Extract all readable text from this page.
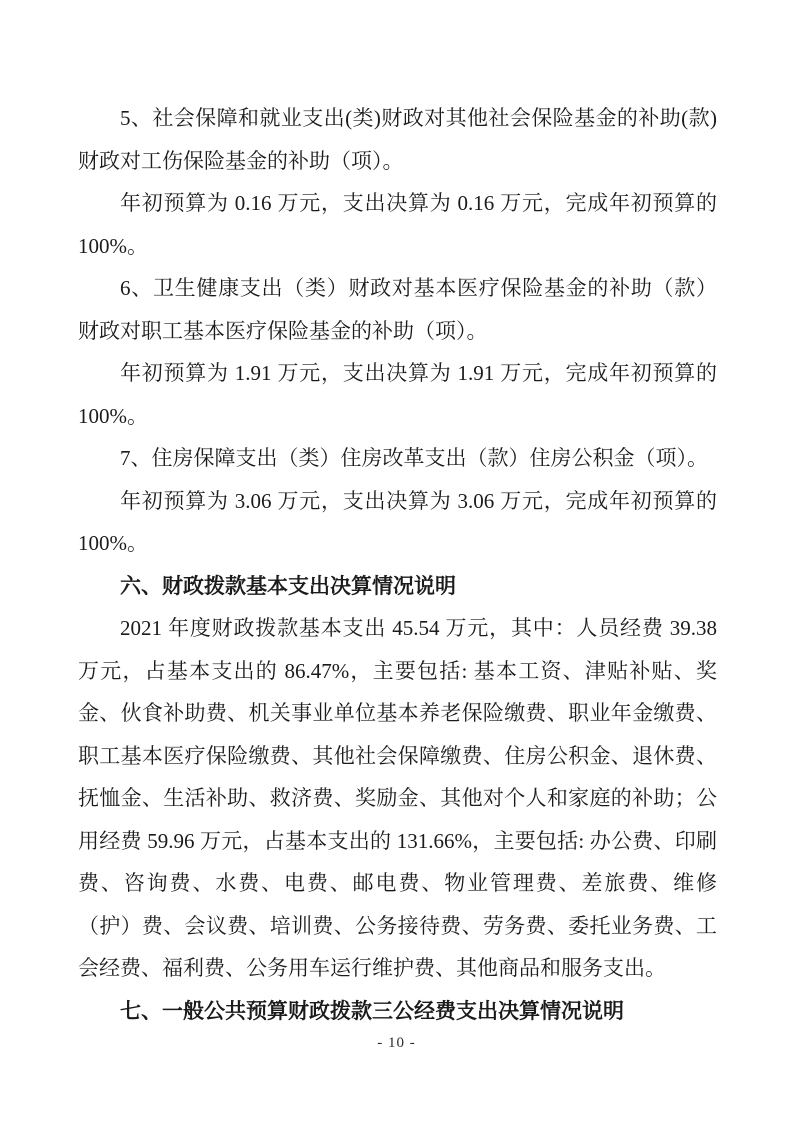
5、社会保障和就业支出(类)财政对其他社会保险基金的补助(款)财政对工伤保险基金的补助（项）。

年初预算为 0.16 万元，支出决算为 0.16 万元，完成年初预算的 100%。

6、卫生健康支出（类）财政对基本医疗保险基金的补助（款）财政对职工基本医疗保险基金的补助（项）。

年初预算为 1.91 万元，支出决算为 1.91 万元，完成年初预算的 100%。

7、住房保障支出（类）住房改革支出（款）住房公积金（项）。

年初预算为 3.06 万元，支出决算为 3.06 万元，完成年初预算的 100%。

六、财政拨款基本支出决算情况说明

2021 年度财政拨款基本支出 45.54 万元，其中：人员经费 39.38 万元，占基本支出的 86.47%，主要包括: 基本工资、津贴补贴、奖金、伙食补助费、机关事业单位基本养老保险缴费、职业年金缴费、职工基本医疗保险缴费、其他社会保障缴费、住房公积金、退休费、抚恤金、生活补助、救济费、奖励金、其他对个人和家庭的补助；公用经费 59.96 万元，占基本支出的 131.66%，主要包括: 办公费、印刷费、咨询费、水费、电费、邮电费、物业管理费、差旅费、维修（护）费、会议费、培训费、公务接待费、劳务费、委托业务费、工会经费、福利费、公务用车运行维护费、其他商品和服务支出。

七、一般公共预算财政拨款三公经费支出决算情况说明
- 10 -
